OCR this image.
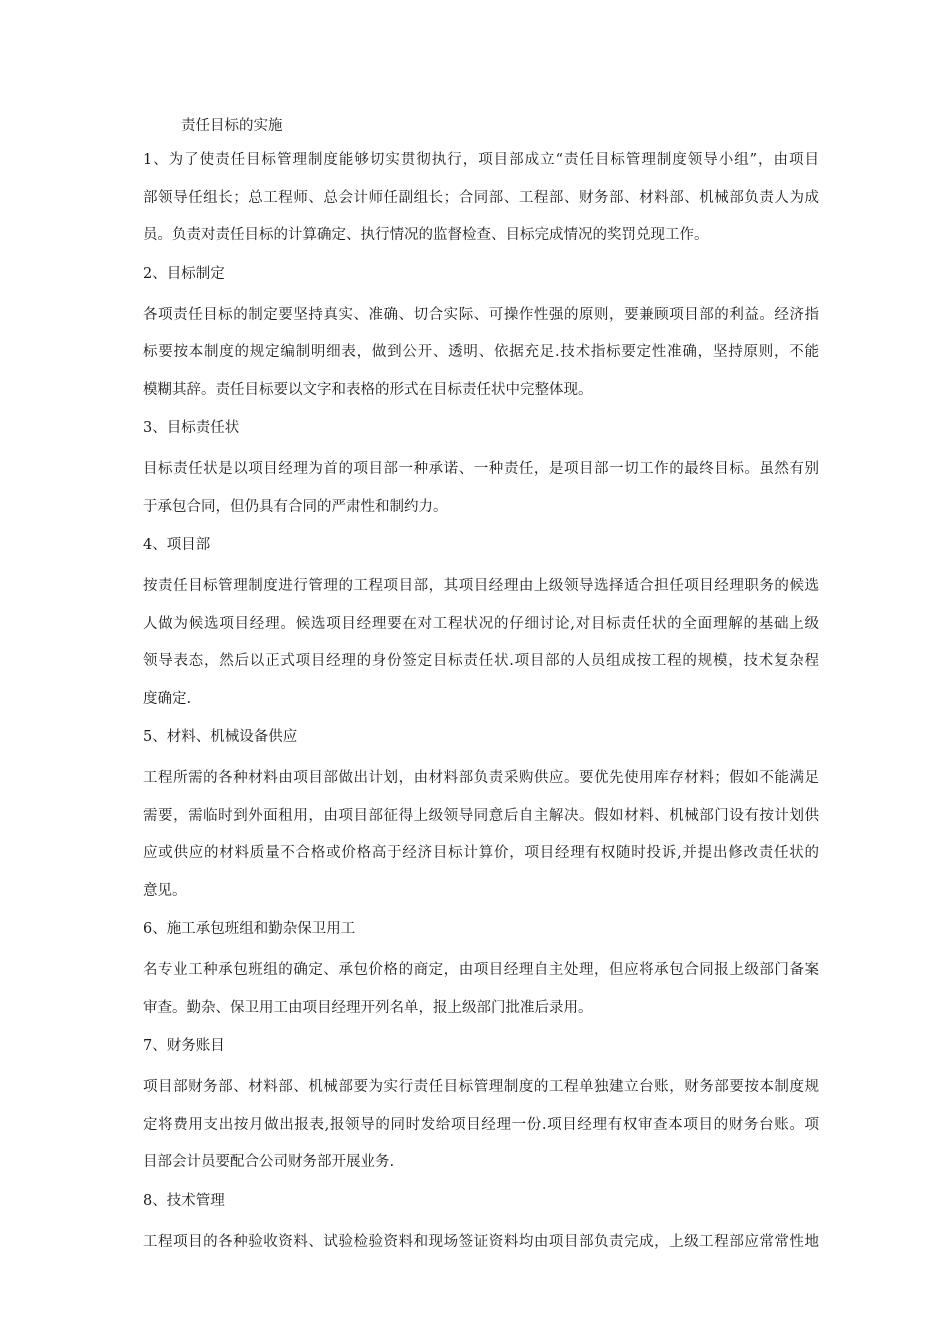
责任目标的实施
1、为了使责任目标管理制度能够切实贯彻执行，项目部成立“责任目标管理制度领导小组”，由项目
部领导任组长；总工程师、总会计师任副组长；合同部、工程部、财务部、材料部、机械部负责人为成
员。负责对责任目标的计算确定、执行情况的监督检查、目标完成情况的奖罚兑现工作。
2、目标制定
各项责任目标的制定要坚持真实、准确、切合实际、可操作性强的原则，要兼顾项目部的利益。经济指
标要按本制度的规定编制明细表，做到公开、透明、依据充足.技术指标要定性准确，坚持原则，不能
模糊其辞。责任目标要以文字和表格的形式在目标责任状中完整体现。
3、目标责任状
目标责任状是以项目经理为首的项目部一种承诺、一种责任，是项目部一切工作的最终目标。虽然有别
于承包合同，但仍具有合同的严肃性和制约力。
4、项目部
按责任目标管理制度进行管理的工程项目部，其项目经理由上级领导选择适合担任项目经理职务的候选
人做为候选项目经理。候选项目经理要在对工程状况的仔细讨论,对目标责任状的全面理解的基础上级
领导表态，然后以正式项目经理的身份签定目标责任状.项目部的人员组成按工程的规模，技术复杂程
度确定.
5、材料、机械设备供应
工程所需的各种材料由项目部做出计划，由材料部负责采购供应。要优先使用库存材料；假如不能满足
需要，需临时到外面租用，由项目部征得上级领导同意后自主解决。假如材料、机械部门设有按计划供
应或供应的材料质量不合格或价格高于经济目标计算价，项目经理有权随时投诉,并提出修改责任状的
意见。
6、施工承包班组和勤杂保卫用工
名专业工种承包班组的确定、承包价格的商定，由项目经理自主处理，但应将承包合同报上级部门备案
审查。勤杂、保卫用工由项目经理开列名单，报上级部门批准后录用。
7、财务账目
项目部财务部、材料部、机械部要为实行责任目标管理制度的工程单独建立台账，财务部要按本制度规
定将费用支出按月做出报表,报领导的同时发给项目经理一份.项目经理有权审查本项目的财务台账。项
目部会计员要配合公司财务部开展业务.
8、技术管理
工程项目的各种验收资料、试验检验资料和现场签证资料均由项目部负责完成，上级工程部应常常性地
